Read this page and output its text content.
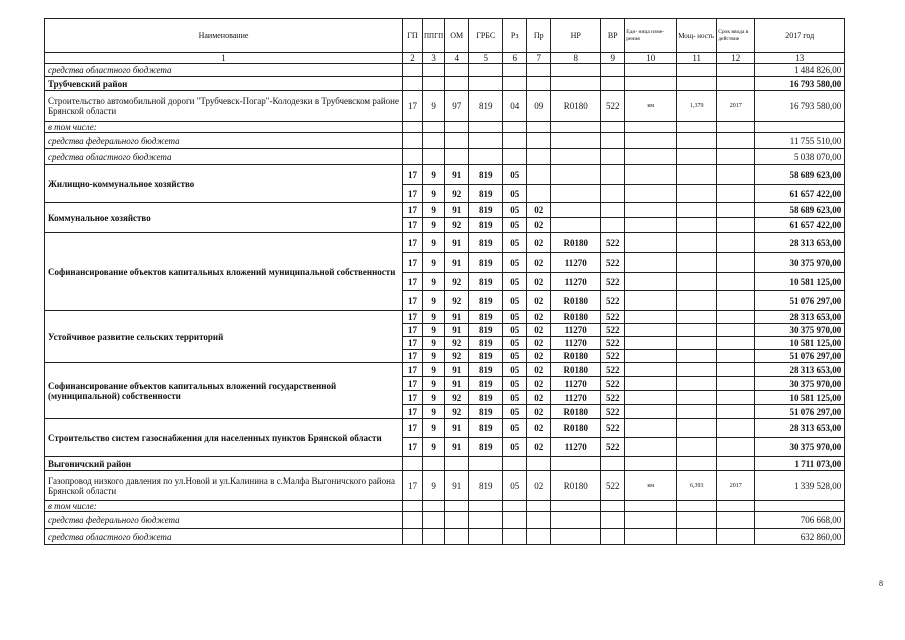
Наименование	ГП	ППГП	ОМ	ГРБС	Рз	Пр	НР	ВР	Еди- ница изме- рения	Мощ- ность	Срок ввода в действие	2017 год
1	2	3	4	5	6	7	8	9	10	11	12	13
средства областного бюджета												1 484 826,00
Трубчевский район												16 793 580,00
Строительство автомобильной дороги "Трубчевск-Погар"-Колодезки в Трубчевском районе Брянской области	17	9	97	819	04	09	R0180	522	км	1,379	2017	16 793 580,00
в том числе:												
средства федерального бюджета												11 755 510,00
средства областного бюджета												5 038 070,00
Жилищно-коммунальное хозяйство	17	9	91	819	05							58 689 623,00
	17	9	92	819	05							61 657 422,00
Коммунальное хозяйство	17	9	91	819	05	02						58 689 623,00
	17	9	92	819	05	02						61 657 422,00
Софинансирование объектов капитальных вложений муниципальной собственности	17	9	91	819	05	02	R0180	522				28 313 653,00
	17	9	91	819	05	02	11270	522				30 375 970,00
	17	9	92	819	05	02	11270	522				10 581 125,00
	17	9	92	819	05	02	R0180	522				51 076 297,00
Устойчивое развитие сельских территорий	17	9	91	819	05	02	R0180	522				28 313 653,00
	17	9	91	819	05	02	11270	522				30 375 970,00
	17	9	92	819	05	02	11270	522				10 581 125,00
	17	9	92	819	05	02	R0180	522				51 076 297,00
Софинансирование объектов капитальных вложений государственной (муниципальной) собственности	17	9	91	819	05	02	R0180	522				28 313 653,00
	17	9	91	819	05	02	11270	522				30 375 970,00
	17	9	92	819	05	02	11270	522				10 581 125,00
	17	9	92	819	05	02	R0180	522				51 076 297,00
Строительство систем газоснабжения для населенных пунктов Брянской области	17	9	91	819	05	02	R0180	522				28 313 653,00
	17	9	91	819	05	02	11270	522				30 375 970,00
Выгоничский район												1 711 073,00
Газопровод низкого давления по ул.Новой и ул.Калинина в с.Малфа Выгоничского района Брянской области	17	9	91	819	05	02	R0180	522	км	6,393	2017	1 339 528,00
в том числе:												
средства федерального бюджета												706 668,00
средства областного бюджета												632 860,00
8
